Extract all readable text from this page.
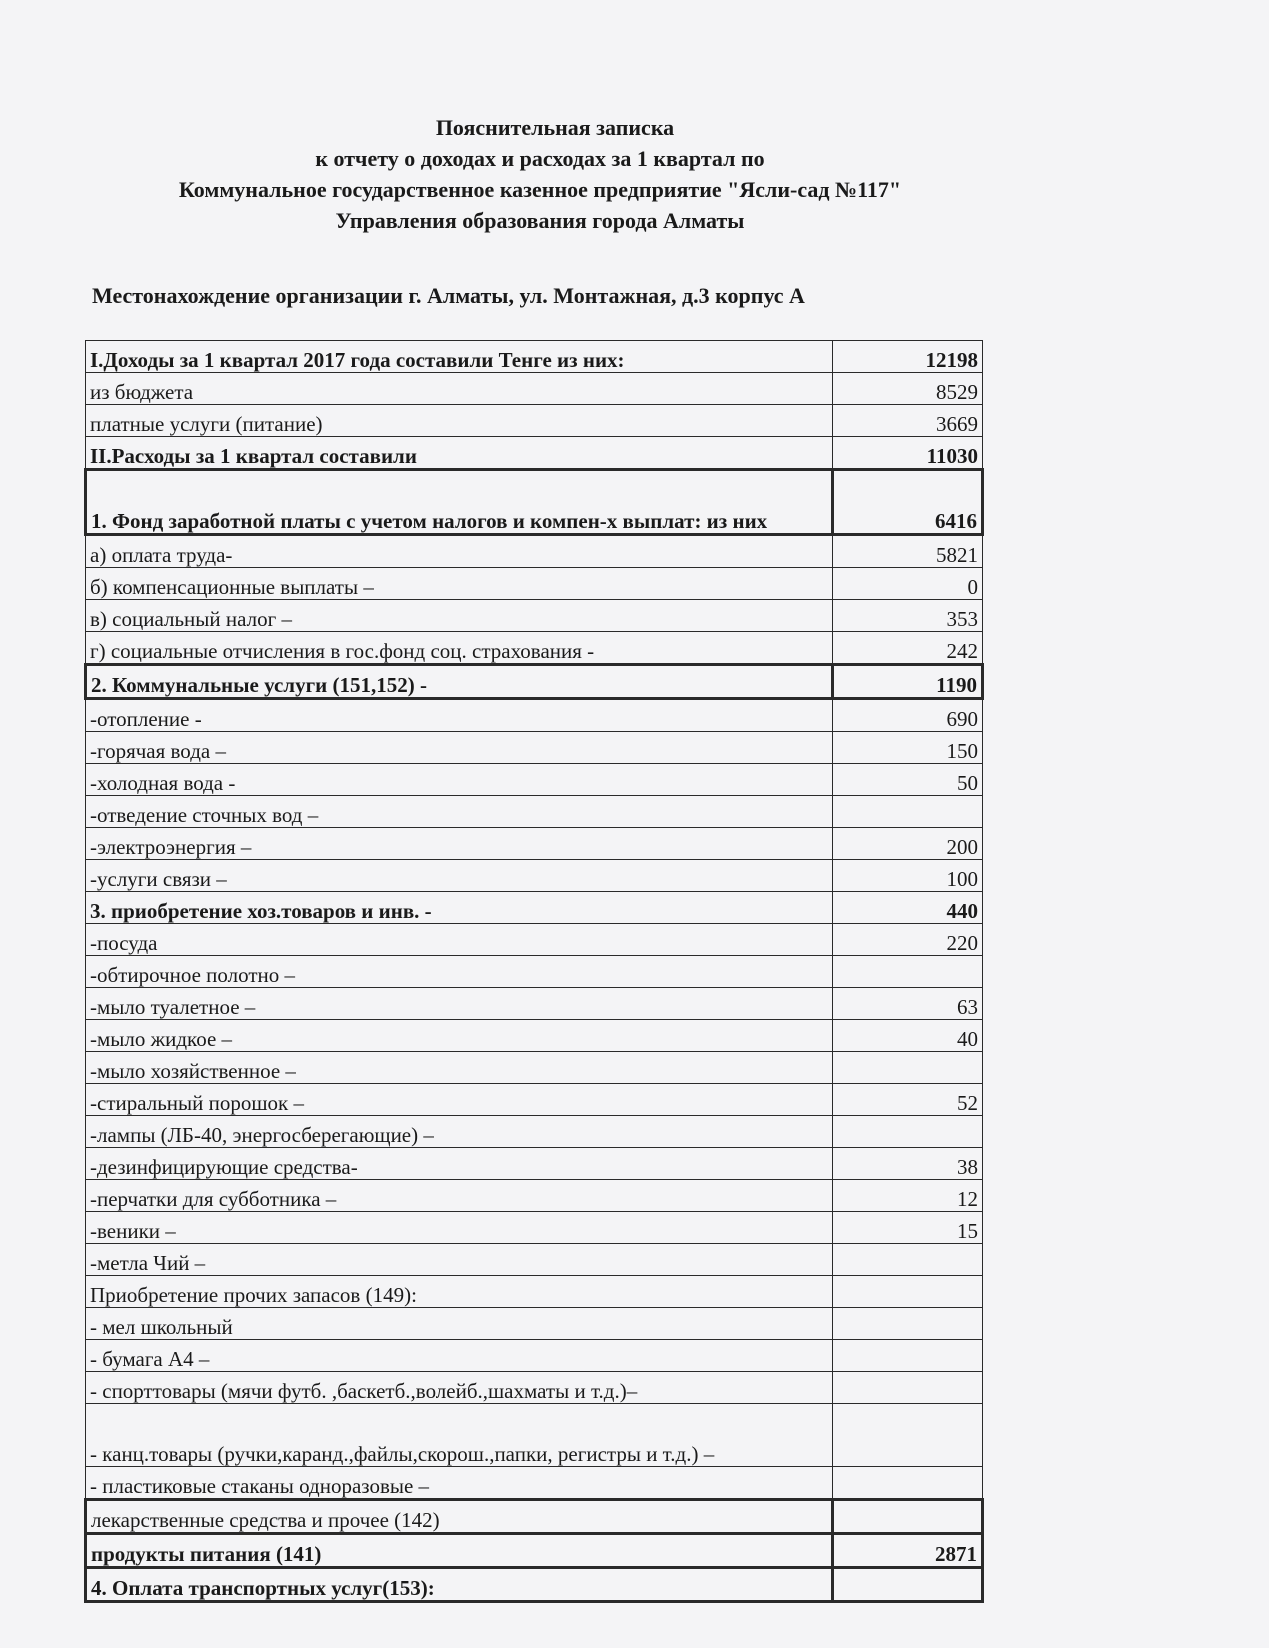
Пояснительная записка
к отчету о доходах и расходах за 1 квартал по
Коммунальное государственное казенное предприятие "Ясли-сад №117"
Управления образования города Алматы
Местонахождение организации г. Алматы, ул. Монтажная, д.3 корпус А
I.Доходы за 1 квартал 2017 года составили Тенге из них:	12198
из бюджета	8529
платные услуги (питание)	3669
II.Расходы за 1 квартал составили	11030
1. Фонд заработной платы с учетом налогов и компен-х выплат: из них	6416
а) оплата труда-	5821
б) компенсационные выплаты –	0
в) социальный налог –	353
г) социальные отчисления в гос.фонд соц. страхования -	242
2. Коммунальные услуги (151,152) -	1190
-отопление -	690
-горячая вода –	150
-холодная вода -	50
-отведение сточных вод –	
-электроэнергия –	200
-услуги связи –	100
3. приобретение хоз.товаров и инв. -	440
-посуда	220
-обтирочное полотно –	
-мыло туалетное –	63
-мыло жидкое –	40
-мыло хозяйственное –	
-стиральный порошок –	52
-лампы (ЛБ-40, энергосберегающие) –	
-дезинфицирующие средства-	38
-перчатки для субботника –	12
-веники –	15
-метла Чий –	
Приобретение прочих запасов (149):	
- мел школьный	
- бумага А4 –	
- спорттовары (мячи футб. ,баскетб.,волейб.,шахматы и т.д.)–	
- канц.товары (ручки,каранд.,файлы,скорош.,папки, регистры и т.д.) –	
- пластиковые стаканы одноразовые –	
лекарственные средства и прочее (142)	
продукты питания (141)	2871
4. Оплата транспортных услуг(153):	
